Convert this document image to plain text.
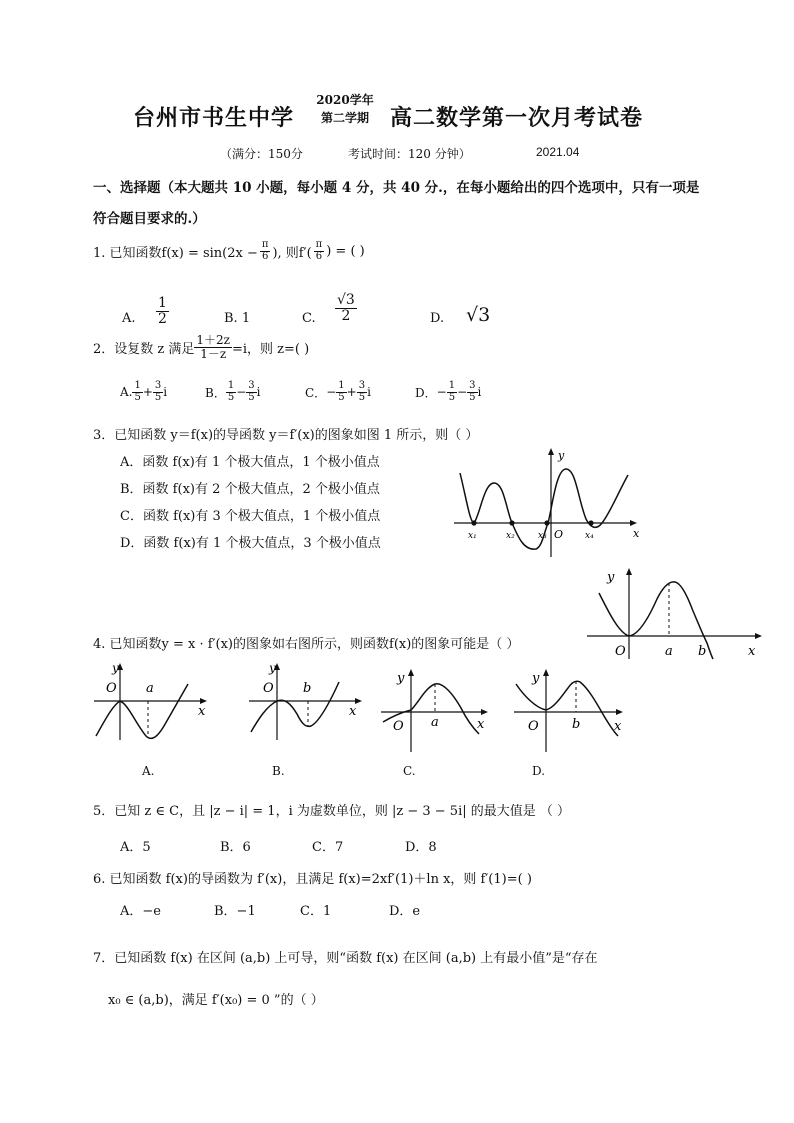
台州市书生中学
2020学年
第二学期 高二数学第一次月考试卷
（满分：150分	考试时间：120 分钟）	2021.04
一、选择题（本大题共 10 小题，每小题 4 分，共 40 分.，在每小题给出的四个选项中，只有一项是
符合题目要求的.）
1. 已知函数$f(x) = \sin(2x - \frac{\pi}{6}$ ), 则$f'( \frac{\pi}{6}$ ) = ( )
A. $\frac{1}{2}$	B. 1	C. $\frac{√3}{2}$	D. √3
2．设复数 z 满足 $\frac{1+2z}{1-z} =i$，则 z=( )
A. $\frac{1}{5} + \frac{3}{5}$ i	B． $\frac{1}{5} - \frac{3}{5}$ i	C． − $\frac{1}{5} + \frac{3}{5}$ i	D． − $\frac{1}{5} - \frac{3}{5}$ i
3．已知函数 y＝f(x)的导函数 y＝f′(x)的图象如图 1 所示，则（ ）
A．函数 f(x)有 1 个极大值点，1 个极小值点
B．函数 f(x)有 2 个极大值点，2 个极小值点
C．函数 f(x)有 3 个极大值点，1 个极小值点
D．函数 f(x)有 1 个极大值点，3 个极小值点
y
x
O
x₁	x₂	x₃	x₄
y
x
O	a b
4. 已知函数y = x · f′(x)的图象如右图所示，则函数f(x)的图象可能是（ ）
y
O a
x
A.
y
O b
x
B.
y
O a	x
C.
y
O	b	x
D.
5．已知 z ∈ C，且 |z − i| = 1，i 为虚数单位，则 |z − 3 − 5i| 的最大值是 （ ）
A．5	B．6	C．7	D．8
6. 已知函数 f(x)的导函数为 f′(x)，且满足 f(x)=2xf′(1)＋ln x，则 f′(1)=( )
A．−e	B．−1	C．1	D．e
7．已知函数 f(x) 在区间 (a,b) 上可导，则“函数 f(x) 在区间 (a,b) 上有最小值”是“存在
x₀ ∈ (a,b)，满足 f′(x₀) = 0 ”的（ ）
